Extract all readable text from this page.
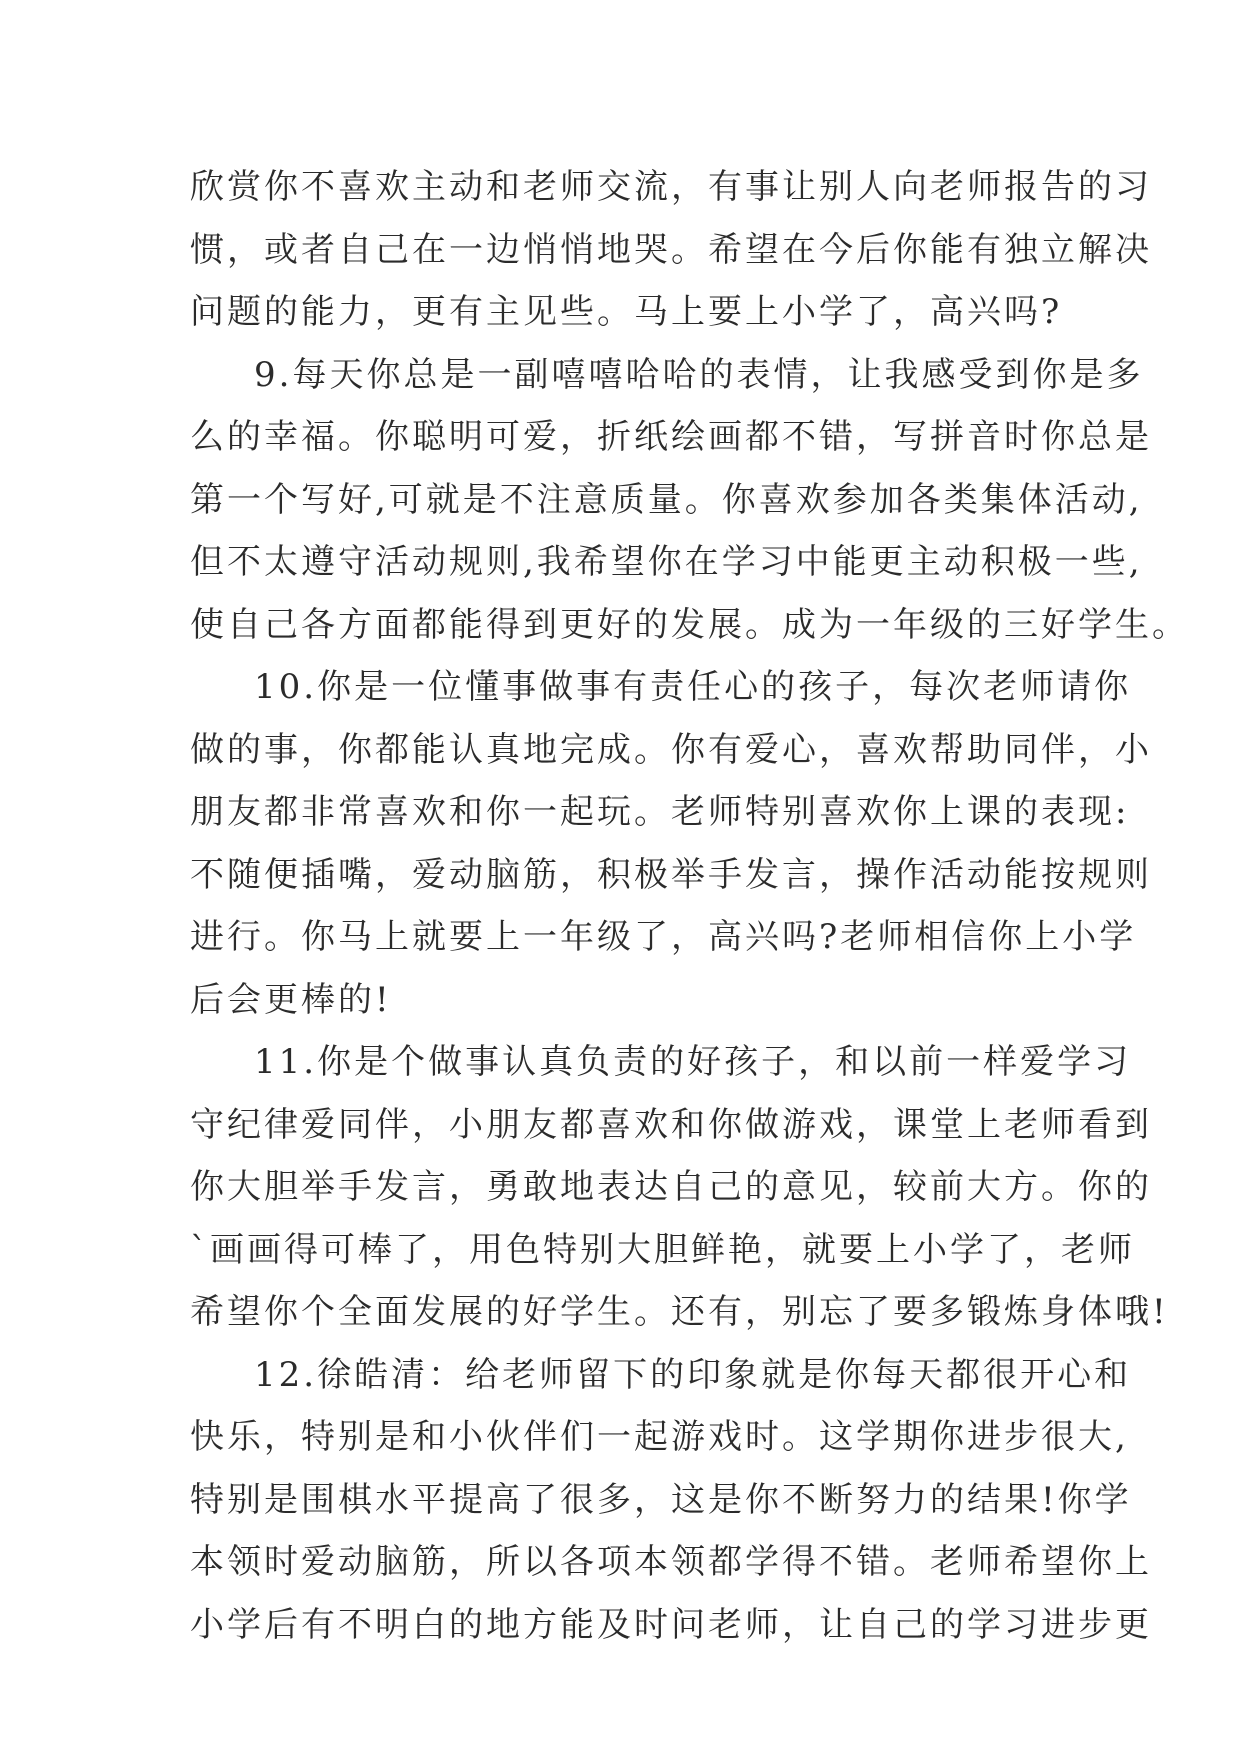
欣赏你不喜欢主动和老师交流，有事让别人向老师报告的习
惯，或者自己在一边悄悄地哭。希望在今后你能有独立解决
问题的能力，更有主见些。马上要上小学了，高兴吗?
9.每天你总是一副嘻嘻哈哈的表情，让我感受到你是多
么的幸福。你聪明可爱，折纸绘画都不错，写拼音时你总是
第一个写好,可就是不注意质量。你喜欢参加各类集体活动,
但不太遵守活动规则,我希望你在学习中能更主动积极一些,
使自己各方面都能得到更好的发展。成为一年级的三好学生。
10.你是一位懂事做事有责任心的孩子，每次老师请你
做的事，你都能认真地完成。你有爱心，喜欢帮助同伴，小
朋友都非常喜欢和你一起玩。老师特别喜欢你上课的表现:
不随便插嘴，爱动脑筋，积极举手发言，操作活动能按规则
进行。你马上就要上一年级了，高兴吗?老师相信你上小学
后会更棒的!
11.你是个做事认真负责的好孩子，和以前一样爱学习
守纪律爱同伴，小朋友都喜欢和你做游戏，课堂上老师看到
你大胆举手发言，勇敢地表达自己的意见，较前大方。你的
`画画得可棒了，用色特别大胆鲜艳，就要上小学了，老师
希望你个全面发展的好学生。还有，别忘了要多锻炼身体哦!
12.徐皓清：给老师留下的印象就是你每天都很开心和
快乐，特别是和小伙伴们一起游戏时。这学期你进步很大,
特别是围棋水平提高了很多，这是你不断努力的结果!你学
本领时爱动脑筋，所以各项本领都学得不错。老师希望你上
小学后有不明白的地方能及时问老师，让自己的学习进步更
